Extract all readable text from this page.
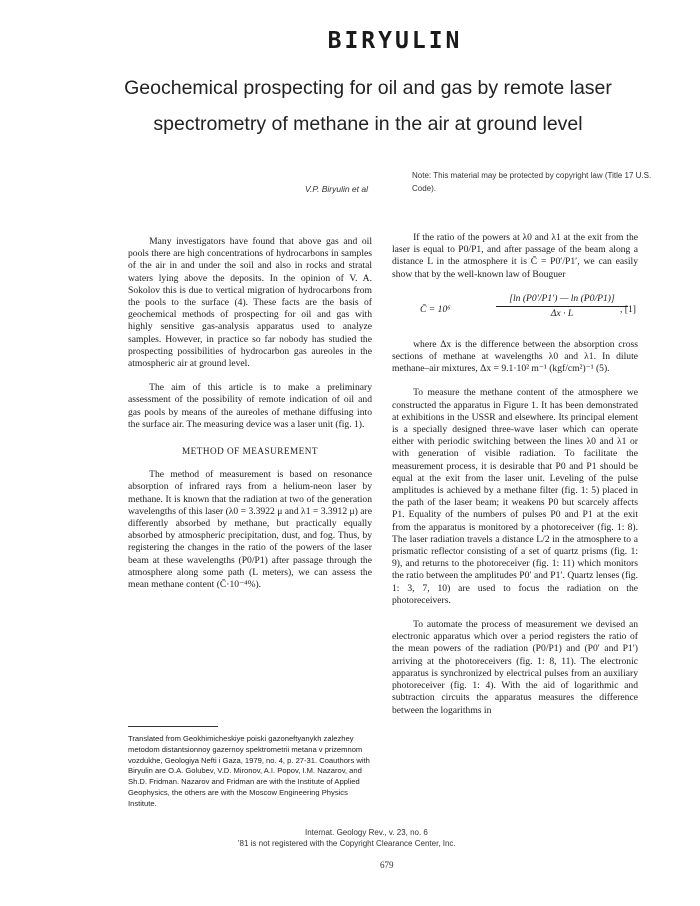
BIRYULIN
Geochemical prospecting for oil and gas by remote laser spectrometry of methane in the air at ground level
Note: This material may be protected by copyright law (Title 17 U.S. Code).
V.P. Biryulin et al

Many investigators have found that above gas and oil pools there are high concentrations of hydrocarbons in samples of the air in and under the soil and also in rocks and stratal waters lying above the deposits. In the opinion of V. A. Sokolov this is due to vertical migration of hydrocarbons from the pools to the surface (4). These facts are the basis of geochemical methods of prospecting for oil and gas with highly sensitive gas-analysis apparatus used to analyze samples. However, in practice so far nobody has studied the prospecting possibilities of hydrocarbon gas aureoles in the atmospheric air at ground level.

The aim of this article is to make a preliminary assessment of the possibility of remote indication of oil and gas pools by means of the aureoles of methane diffusing into the surface air. The measuring device was a laser unit (fig. 1).

METHOD OF MEASUREMENT

The method of measurement is based on resonance absorption of infrared rays from a helium-neon laser by methane. It is known that the radiation at two of the generation wavelengths of this laser (λ0 = 3.3922 μ and λ1 = 3.3912 μ) are differently absorbed by methane, but practically equally absorbed by atmospheric precipitation, dust, and fog. Thus, by registering the changes in the ratio of the powers of the laser beam at these wavelengths (P0/P1) after passage through the atmosphere along some path (L meters), we can assess the mean methane content (C̄·10⁻⁴%).

If the ratio of the powers at λ0 and λ1 at the exit from the laser is equal to P0/P1, and after passage of the beam along a distance L in the atmosphere it is C̄ = P0′/P1′, we can easily show that by the well-known law of Bouguer

C̄ = 10⁶	$\frac{[\ln (P0'/P1') — \ln (P0/P1)]}{\Delta x \cdot L}$
, [1]

where Δx is the difference between the absorption cross sections of methane at wavelengths λ0 and λ1. In dilute methane–air mixtures, Δx = 9.1·10² m⁻¹ (kgf/cm²)⁻¹ (5).

To measure the methane content of the atmosphere we constructed the apparatus in Figure 1. It has been demonstrated at exhibitions in the USSR and elsewhere. Its principal element is a specially designed three-wave laser which can operate either with periodic switching between the lines λ0 and λ1 or with generation of visible radiation. To facilitate the measurement process, it is desirable that P0 and P1 should be equal at the exit from the laser unit. Leveling of the pulse amplitudes is achieved by a methane filter (fig. 1: 5) placed in the path of the laser beam; it weakens P0 but scarcely affects P1. Equality of the numbers of pulses P0 and P1 at the exit from the apparatus is monitored by a photoreceiver (fig. 1: 8). The laser radiation travels a distance L/2 in the atmosphere to a prismatic reflector consisting of a set of quartz prisms (fig. 1: 9), and returns to the photoreceiver (fig. 1: 11) which monitors the ratio between the amplitudes P0′ and P1′. Quartz lenses (fig. 1: 3, 7, 10) are used to focus the radiation on the photoreceivers.

To automate the process of measurement we devised an electronic apparatus which over a period registers the ratio of the mean powers of the radiation (P0/P1) and (P0′ and P1′) arriving at the photoreceivers (fig. 1: 8, 11). The electronic apparatus is synchronized by electrical pulses from an auxiliary photoreceiver (fig. 1: 4). With the aid of logarithmic and subtraction circuits the apparatus measures the difference between the logarithms in

Translated from Geokhimicheskiye poiski gazoneftyanykh zalezhey metodom distantsionnoy gazernoy spektrometrii metana v prizemnom vozdukhe, Geologiya Nefti i Gaza, 1979, no. 4, p. 27-31. Coauthors with Biryulin are O.A. Golubev, V.D. Mironov, A.I. Popov, I.M. Nazarov, and Sh.D. Fridman. Nazarov and Fridman are with the Institute of Applied Geophysics, the others are with the Moscow Engineering Physics Institute.
Internat. Geology Rev., v. 23, no. 6
'81 is not registered with the Copyright Clearance Center, Inc.
679
